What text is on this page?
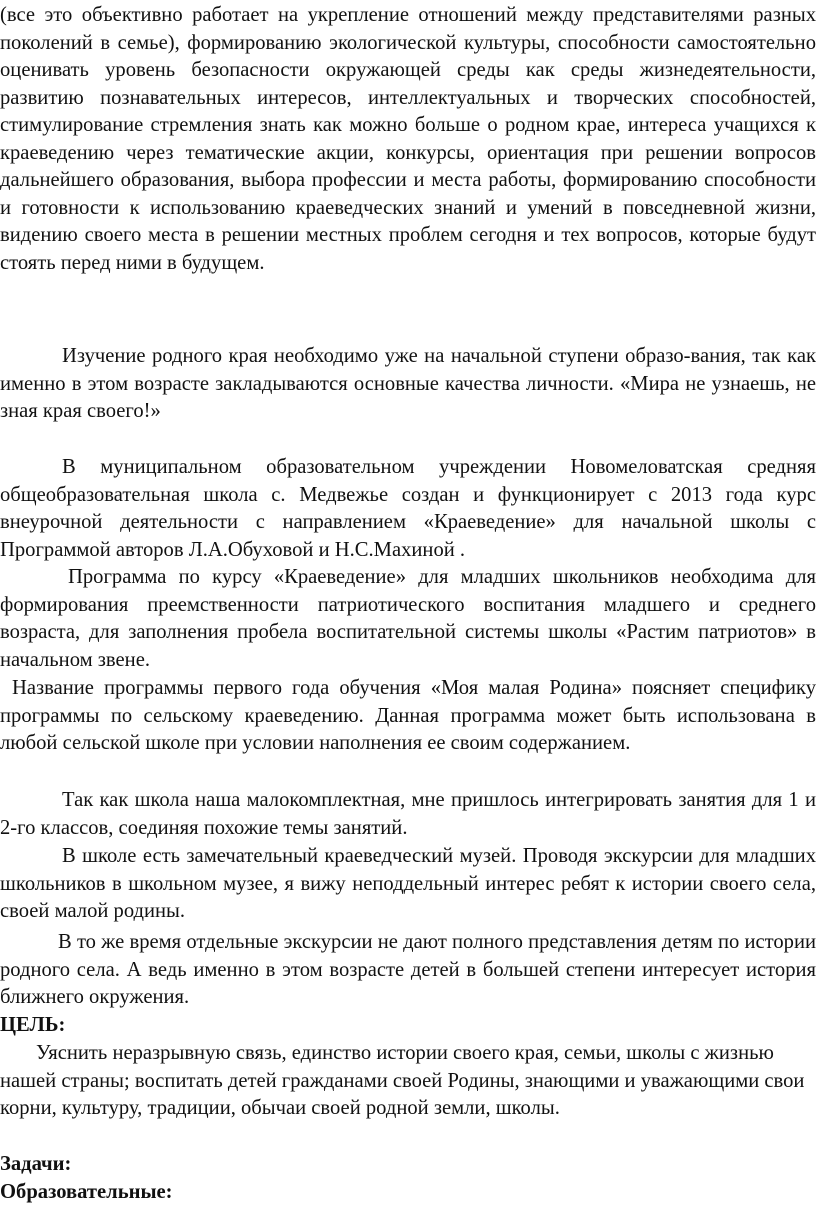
(все это объективно работает на укрепление отношений между представителями разных поколений в семье), формированию экологической культуры, способности самостоятельно оценивать уровень безопасности окружающей среды как среды жизнедеятельности, развитию познавательных интересов, интеллектуальных и творческих способностей, стимулирование стремления знать как можно больше о родном крае, интереса учащихся к краеведению через тематические акции, конкурсы, ориентация при решении вопросов дальнейшего образования, выбора профессии и места работы, формированию способности и готовности к использованию краеведческих знаний и умений в повседневной жизни, видению своего места в решении местных проблем сегодня и тех вопросов, которые будут стоять перед ними в будущем.

Изучение родного края необходимо уже на начальной ступени образо-вания, так как именно в этом возрасте закладываются основные качества личности. «Мира не узнаешь, не зная края своего!»

В муниципальном образовательном учреждении Новомеловатская средняя общеобразовательная школа с. Медвежье создан и функционирует с 2013 года курс внеурочной деятельности с направлением «Краеведение» для начальной школы с Программой авторов Л.А.Обуховой и Н.С.Махиной .

Программа по курсу «Краеведение» для младших школьников необходима для формирования преемственности патриотического воспитания младшего и среднего возраста, для заполнения пробела воспитательной системы школы «Растим патриотов» в начальном звене.

Название программы первого года обучения «Моя малая Родина» поясняет специфику программы по сельскому краеведению. Данная программа может быть использована в любой сельской школе при условии наполнения ее своим содержанием.

Так как школа наша малокомплектная, мне пришлось интегрировать занятия для 1 и 2-го классов, соединяя похожие темы занятий.

В школе есть замечательный краеведческий музей. Проводя экскурсии для младших школьников в школьном музее, я вижу неподдельный интерес ребят к истории своего села, своей малой родины.

В то же время отдельные экскурсии не дают полного представления детям по истории родного села. А ведь именно в этом возрасте детей в большей степени интересует история ближнего окружения.

ЦЕЛЬ:

Уяснить неразрывную связь, единство истории своего края, семьи, школы с жизнью нашей страны; воспитать детей гражданами своей Родины, знающими и уважающими свои корни, культуру, традиции, обычаи своей родной земли, школы.

Задачи:

Образовательные:
